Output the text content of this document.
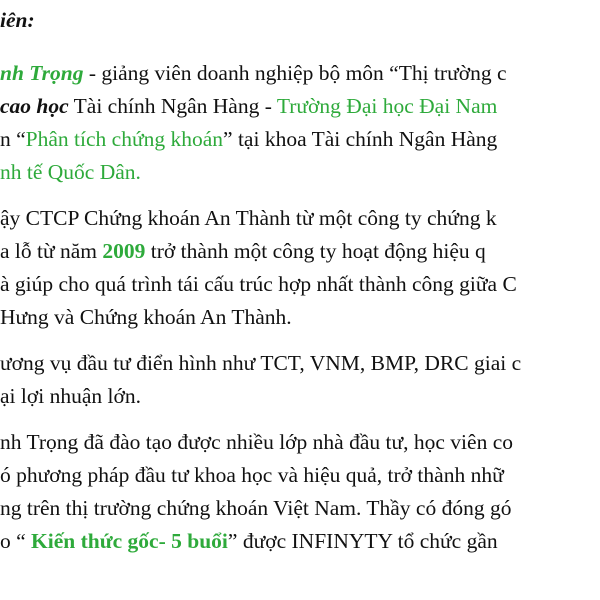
iên:
nh Trọng - giảng viên doanh nghiệp bộ môn “Thị trường c
cao học Tài chính Ngân Hàng - Trường Đại học Đại Nam
n “Phân tích chứng khoán” tại khoa Tài chính Ngân Hàng
nh tế Quốc Dân.
ậy CTCP Chứng khoán An Thành từ một công ty chứng k
a lỗ từ năm 2009 trở thành một công ty hoạt động hiệu q
à giúp cho quá trình tái cấu trúc hợp nhất thành công giữa C
Hưng và Chứng khoán An Thành.
ương vụ đầu tư điển hình như TCT, VNM, BMP, DRC giai c
ại lợi nhuận lớn.
nh Trọng đã đào tạo được nhiều lớp nhà đầu tư, học viên co
ó phương pháp đầu tư khoa học và hiệu quả, trở thành nhữ
ng trên thị trường chứng khoán Việt Nam. Thầy có đóng gó
o “ Kiến thức gốc- 5 buổi” được INFINYTY tổ chức gần
